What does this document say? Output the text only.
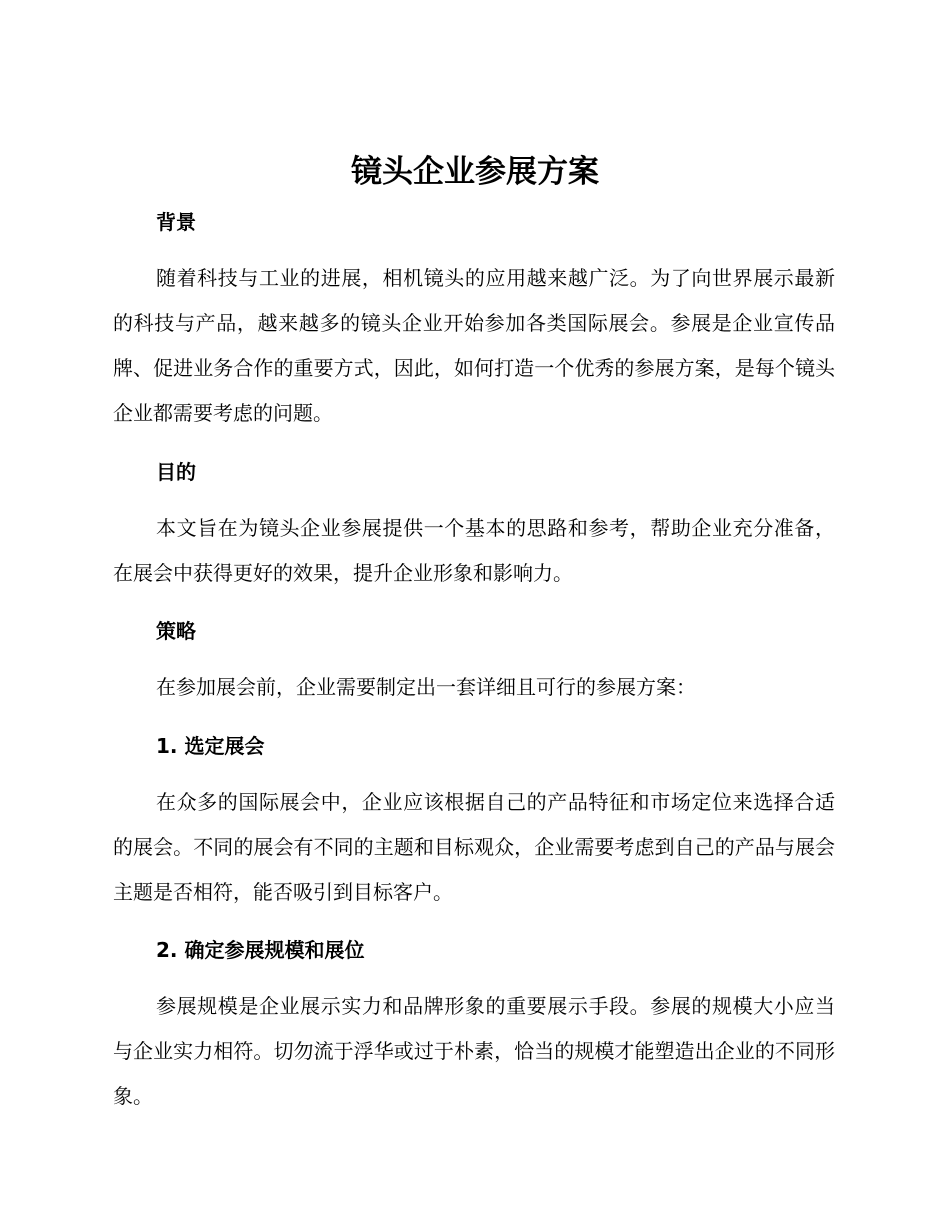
镜头企业参展方案
背景

随着科技与工业的进展，相机镜头的应用越来越广泛。为了向世界展示最新的科技与产品，越来越多的镜头企业开始参加各类国际展会。参展是企业宣传品牌、促进业务合作的重要方式，因此，如何打造一个优秀的参展方案，是每个镜头企业都需要考虑的问题。

目的

本文旨在为镜头企业参展提供一个基本的思路和参考，帮助企业充分准备，在展会中获得更好的效果，提升企业形象和影响力。

策略

在参加展会前，企业需要制定出一套详细且可行的参展方案：

1. 选定展会

在众多的国际展会中，企业应该根据自己的产品特征和市场定位来选择合适的展会。不同的展会有不同的主题和目标观众，企业需要考虑到自己的产品与展会主题是否相符，能否吸引到目标客户。

2. 确定参展规模和展位

参展规模是企业展示实力和品牌形象的重要展示手段。参展的规模大小应当与企业实力相符。切勿流于浮华或过于朴素，恰当的规模才能塑造出企业的不同形象。
